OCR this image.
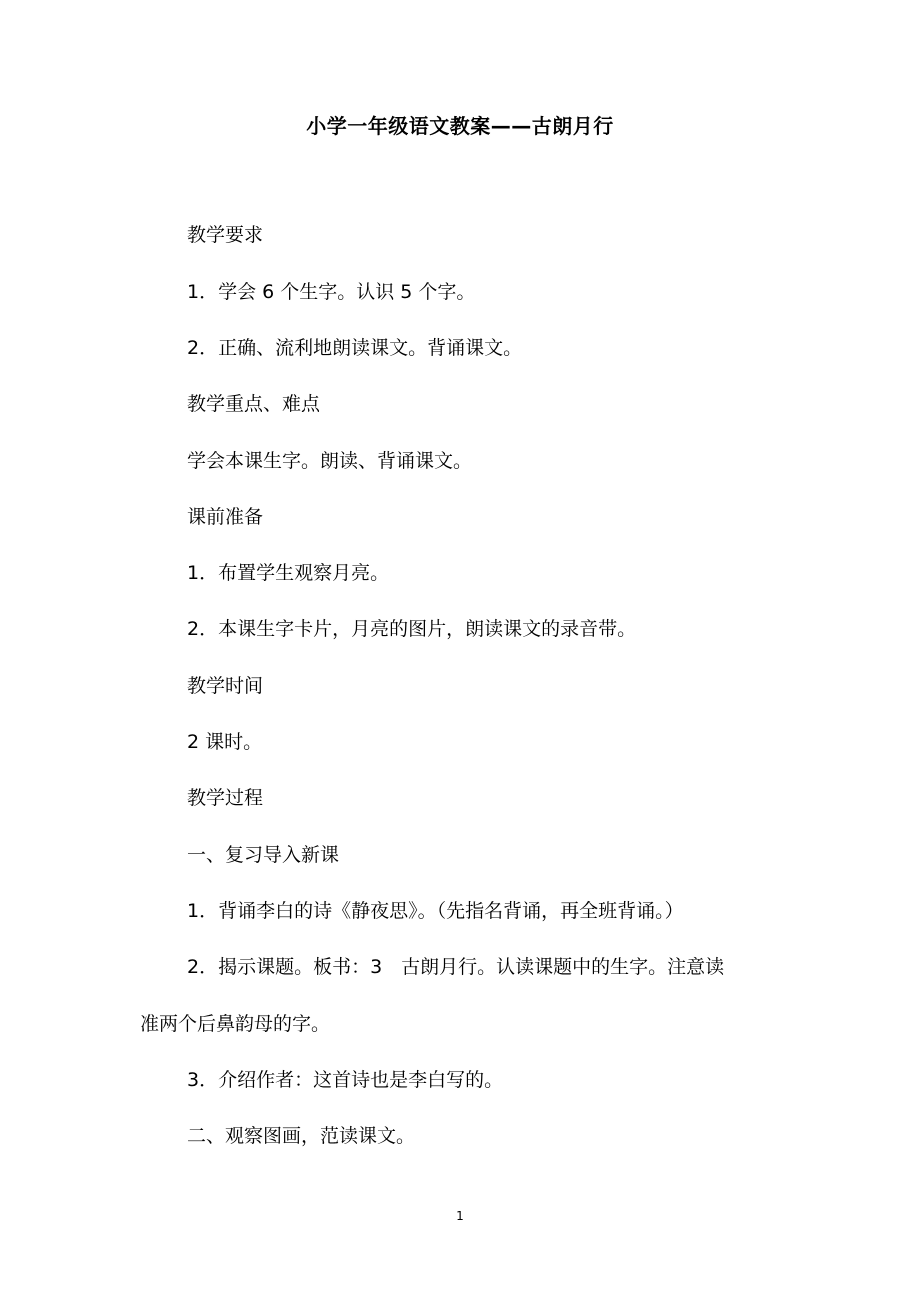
小学一年级语文教案——古朗月行
教学要求
1．学会 6 个生字。认识 5 个字。
2．正确、流利地朗读课文。背诵课文。
教学重点、难点
学会本课生字。朗读、背诵课文。
课前准备
1．布置学生观察月亮。
2．本课生字卡片，月亮的图片，朗读课文的录音带。
教学时间
2 课时。
教学过程
一、复习导入新课
1．背诵李白的诗《静夜思》。（先指名背诵，再全班背诵。）
2．揭示课题。板书：3　古朗月行。认读课题中的生字。注意读
准两个后鼻韵母的字。
3．介绍作者：这首诗也是李白写的。
二、观察图画，范读课文。
1
